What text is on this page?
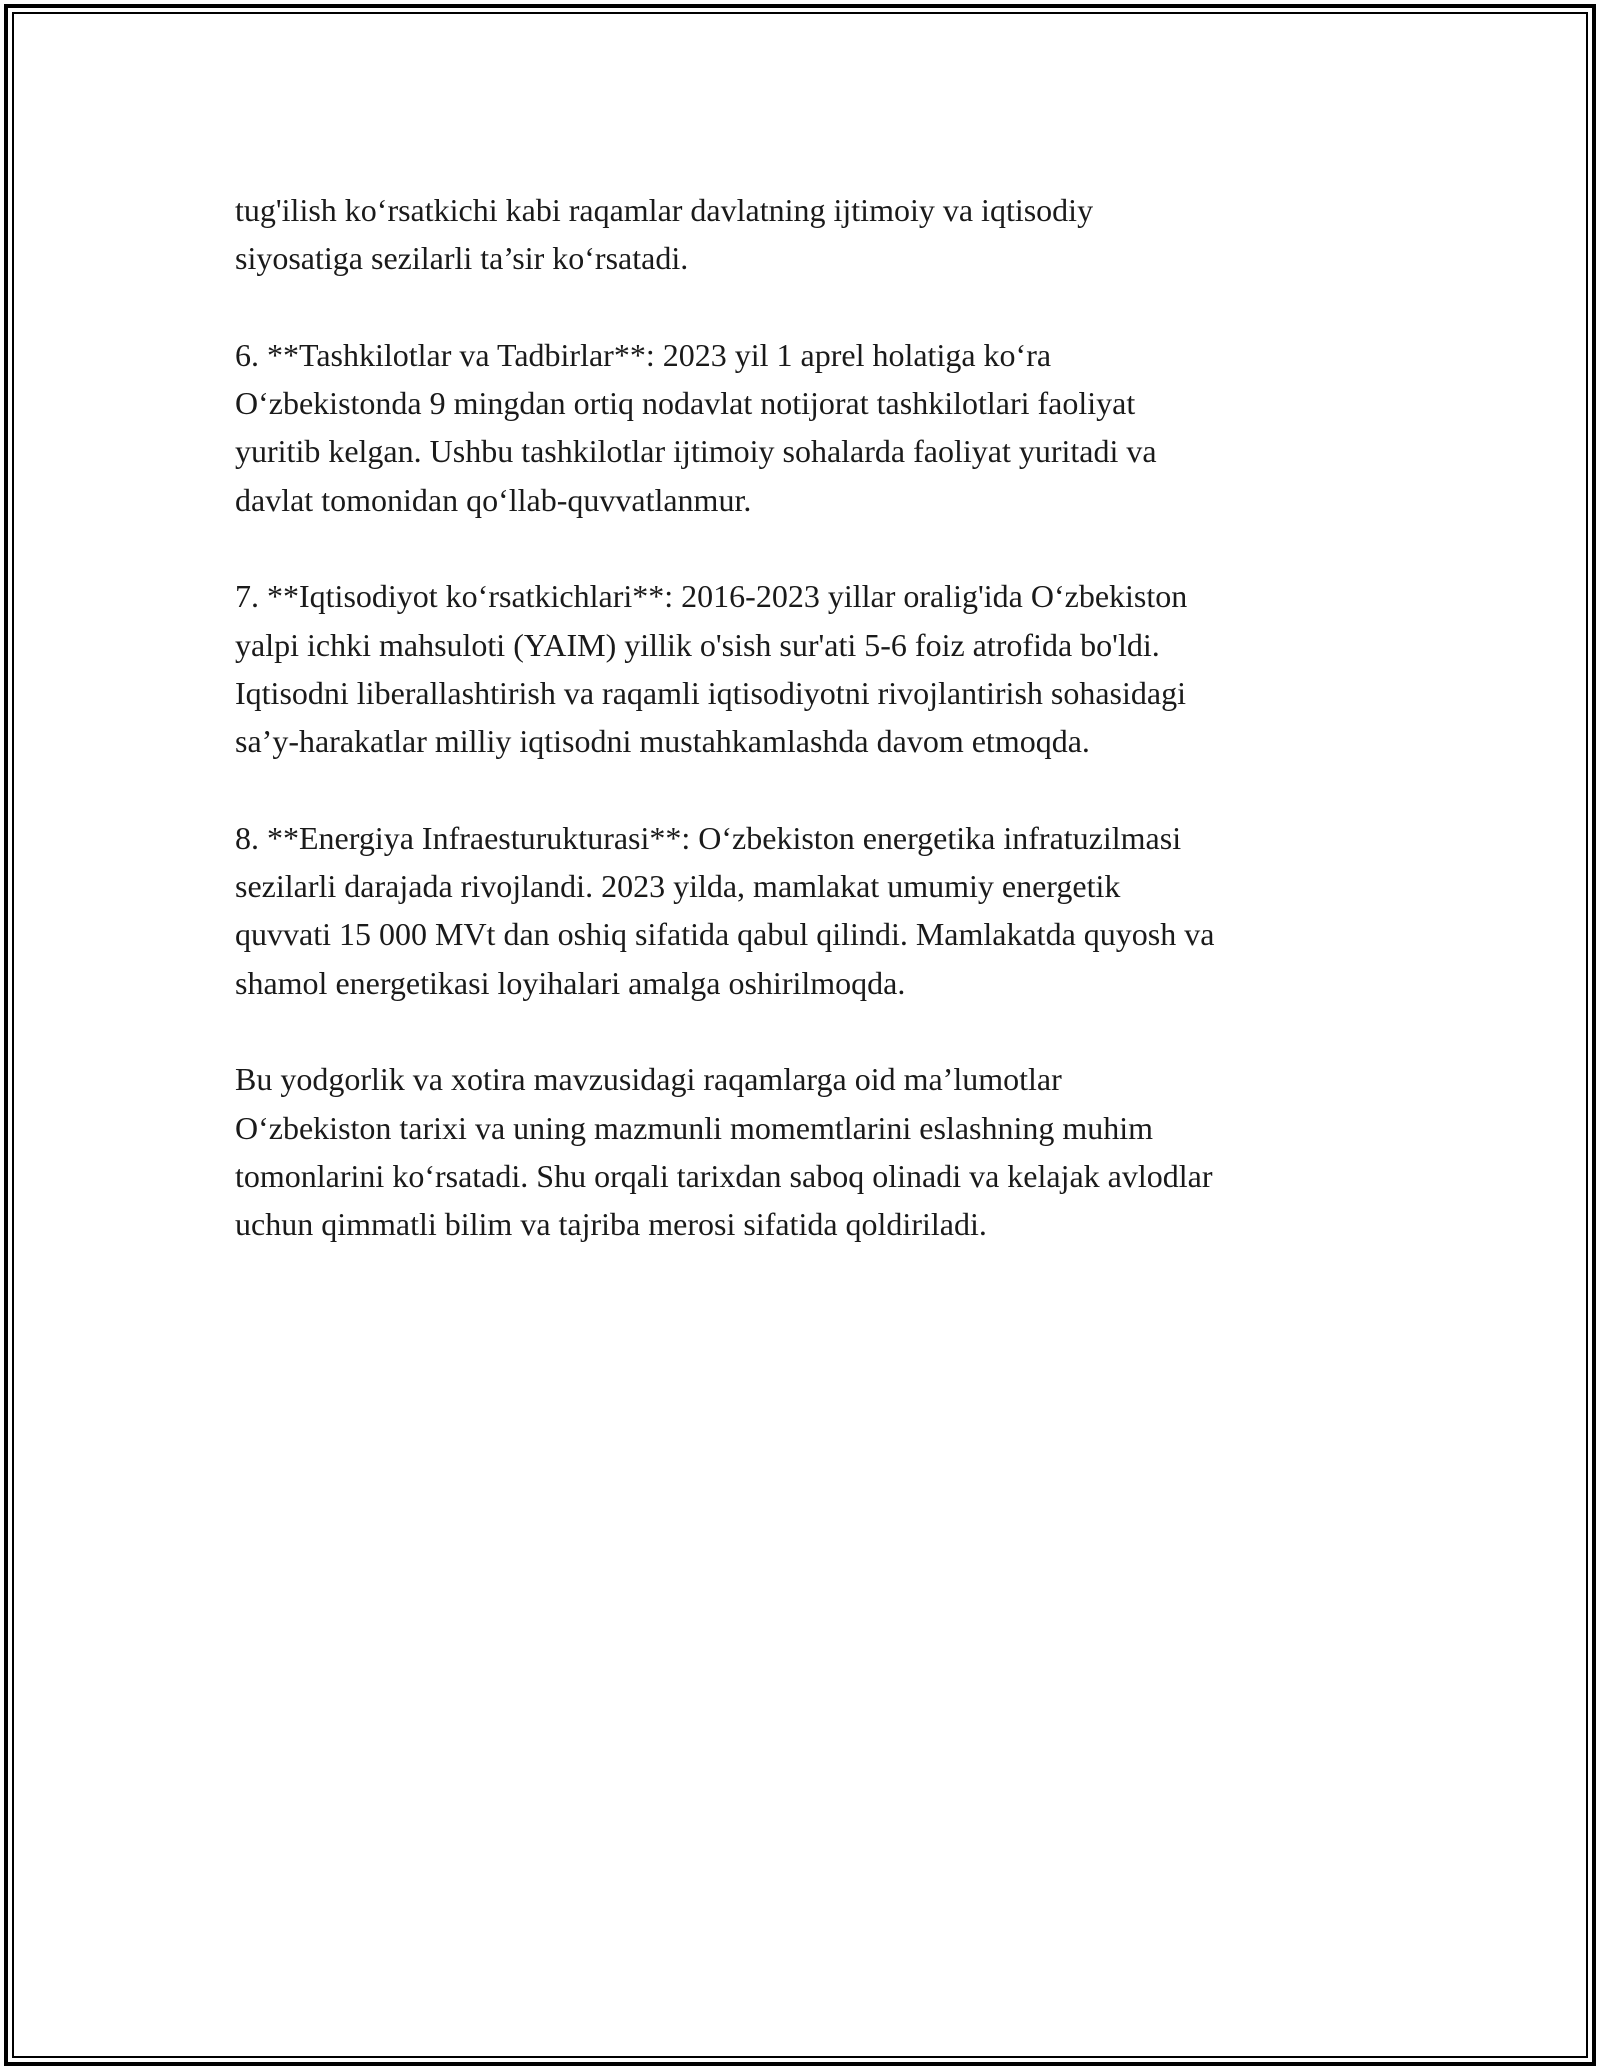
tug'ilish ko‘rsatkichi kabi raqamlar davlatning ijtimoiy va iqtisodiy
siyosatiga sezilarli ta’sir ko‘rsatadi.

6. **Tashkilotlar va Tadbirlar**: 2023 yil 1 aprel holatiga ko‘ra
O‘zbekistonda 9 mingdan ortiq nodavlat notijorat tashkilotlari faoliyat
yuritib kelgan. Ushbu tashkilotlar ijtimoiy sohalarda faoliyat yuritadi va
davlat tomonidan qo‘llab-quvvatlanmur.

7. **Iqtisodiyot ko‘rsatkichlari**: 2016-2023 yillar oralig'ida O‘zbekiston
yalpi ichki mahsuloti (YAIM) yillik o'sish sur'ati 5-6 foiz atrofida bo'ldi.
Iqtisodni liberallashtirish va raqamli iqtisodiyotni rivojlantirish sohasidagi
sa’y-harakatlar milliy iqtisodni mustahkamlashda davom etmoqda.

8. **Energiya Infraesturukturasi**: O‘zbekiston energetika infratuzilmasi
sezilarli darajada rivojlandi. 2023 yilda, mamlakat umumiy energetik
quvvati 15 000 MVt dan oshiq sifatida qabul qilindi. Mamlakatda quyosh va
shamol energetikasi loyihalari amalga oshirilmoqda.

Bu yodgorlik va xotira mavzusidagi raqamlarga oid ma’lumotlar
O‘zbekiston tarixi va uning mazmunli momemtlarini eslashning muhim
tomonlarini ko‘rsatadi. Shu orqali tarixdan saboq olinadi va kelajak avlodlar
uchun qimmatli bilim va tajriba merosi sifatida qoldiriladi.
